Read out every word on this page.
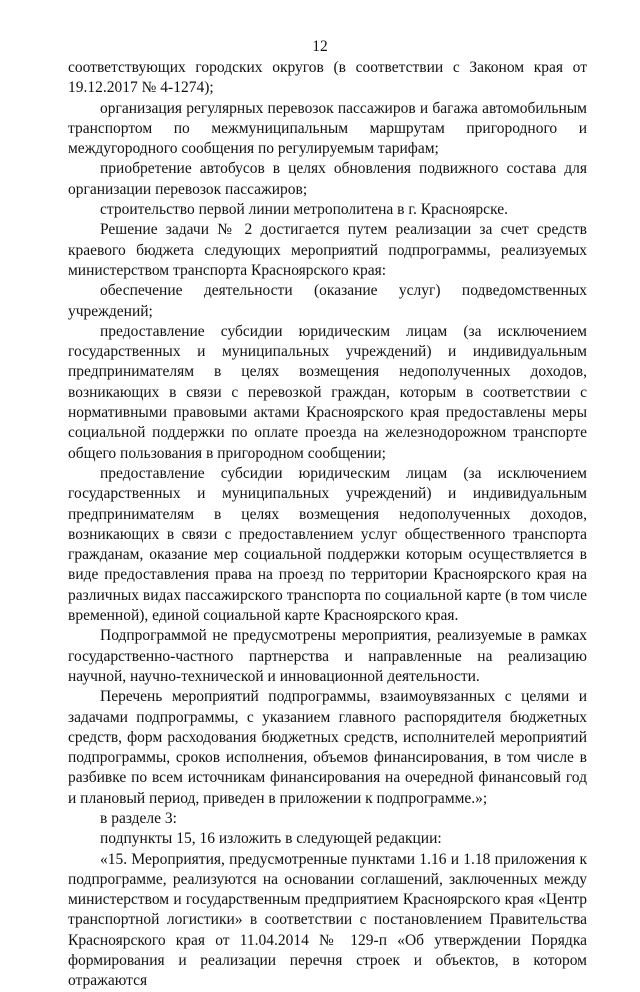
12

соответствующих городских округов (в соответствии с Законом края от 19.12.2017 № 4-1274);

организация регулярных перевозок пассажиров и багажа автомобильным транспортом по межмуниципальным маршрутам пригородного и междугородного сообщения по регулируемым тарифам;

приобретение автобусов в целях обновления подвижного состава для организации перевозок пассажиров;

строительство первой линии метрополитена в г. Красноярске.

Решение задачи № 2 достигается путем реализации за счет средств краевого бюджета следующих мероприятий подпрограммы, реализуемых министерством транспорта Красноярского края:

обеспечение деятельности (оказание услуг) подведомственных учреждений;

предоставление субсидии юридическим лицам (за исключением государственных и муниципальных учреждений) и индивидуальным предпринимателям в целях возмещения недополученных доходов, возникающих в связи с перевозкой граждан, которым в соответствии с нормативными правовыми актами Красноярского края предоставлены меры социальной поддержки по оплате проезда на железнодорожном транспорте общего пользования в пригородном сообщении;

предоставление субсидии юридическим лицам (за исключением государственных и муниципальных учреждений) и индивидуальным предпринимателям в целях возмещения недополученных доходов, возникающих в связи с предоставлением услуг общественного транспорта гражданам, оказание мер социальной поддержки которым осуществляется в виде предоставления права на проезд по территории Красноярского края на различных видах пассажирского транспорта по социальной карте (в том числе временной), единой социальной карте Красноярского края.

Подпрограммой не предусмотрены мероприятия, реализуемые в рамках государственно-частного партнерства и направленные на реализацию научной, научно-технической и инновационной деятельности.

Перечень мероприятий подпрограммы, взаимоувязанных с целями и задачами подпрограммы, с указанием главного распорядителя бюджетных средств, форм расходования бюджетных средств, исполнителей мероприятий подпрограммы, сроков исполнения, объемов финансирования, в том числе в разбивке по всем источникам финансирования на очередной финансовый год и плановый период, приведен в приложении к подпрограмме.»;

в разделе 3:

подпункты 15, 16 изложить в следующей редакции:

«15. Мероприятия, предусмотренные пунктами 1.16 и 1.18 приложения к подпрограмме, реализуются на основании соглашений, заключенных между министерством и государственным предприятием Красноярского края «Центр транспортной логистики» в соответствии с постановлением Правительства Красноярского края от 11.04.2014 № 129-п «Об утверждении Порядка формирования и реализации перечня строек и объектов, в котором отражаются
